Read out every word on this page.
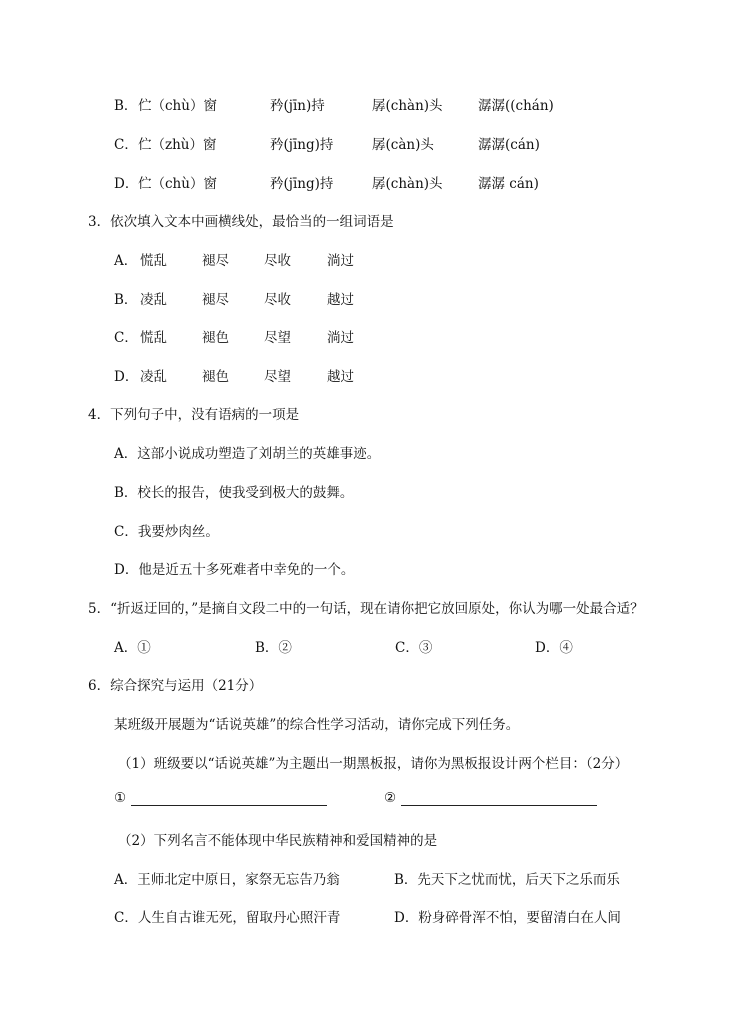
B． 伫（chù）窗	矜(jīn)持	孱(chàn)头	潺潺((chán)
C． 伫（zhù）窗	矜(jīng)持	孱(càn)头	潺潺(cán)
D． 伫（chù）窗	矜(jīng)持	孱(chàn)头	潺潺 cán)
3．依次填入文本中画横线处，最恰当的一组词语是
A． 慌乱	褪尽	尽收	淌过
B． 凌乱	褪尽	尽收	越过
C． 慌乱	褪色	尽望	淌过
D． 凌乱	褪色	尽望	越过
4．下列句子中，没有语病的一项是
A．这部小说成功塑造了刘胡兰的英雄事迹。
B．校长的报告，使我受到极大的鼓舞。
C．我要炒肉丝。
D．他是近五十多死难者中幸免的一个。
5．“折返迂回的，”是摘自文段二中的一句话，现在请你把它放回原处，你认为哪一处最合适？
A．①	B．②	C．③	D．④
6．综合探究与运用（21分）
某班级开展题为“话说英雄”的综合性学习活动，请你完成下列任务。
（1）班级要以“话说英雄”为主题出一期黑板报，请你为黑板报设计两个栏目：（2分）
①	②
（2）下列名言不能体现中华民族精神和爱国精神的是
A．王师北定中原日，家祭无忘告乃翁	B．先天下之忧而忧，后天下之乐而乐
C．人生自古谁无死，留取丹心照汗青	D．粉身碎骨浑不怕，要留清白在人间
